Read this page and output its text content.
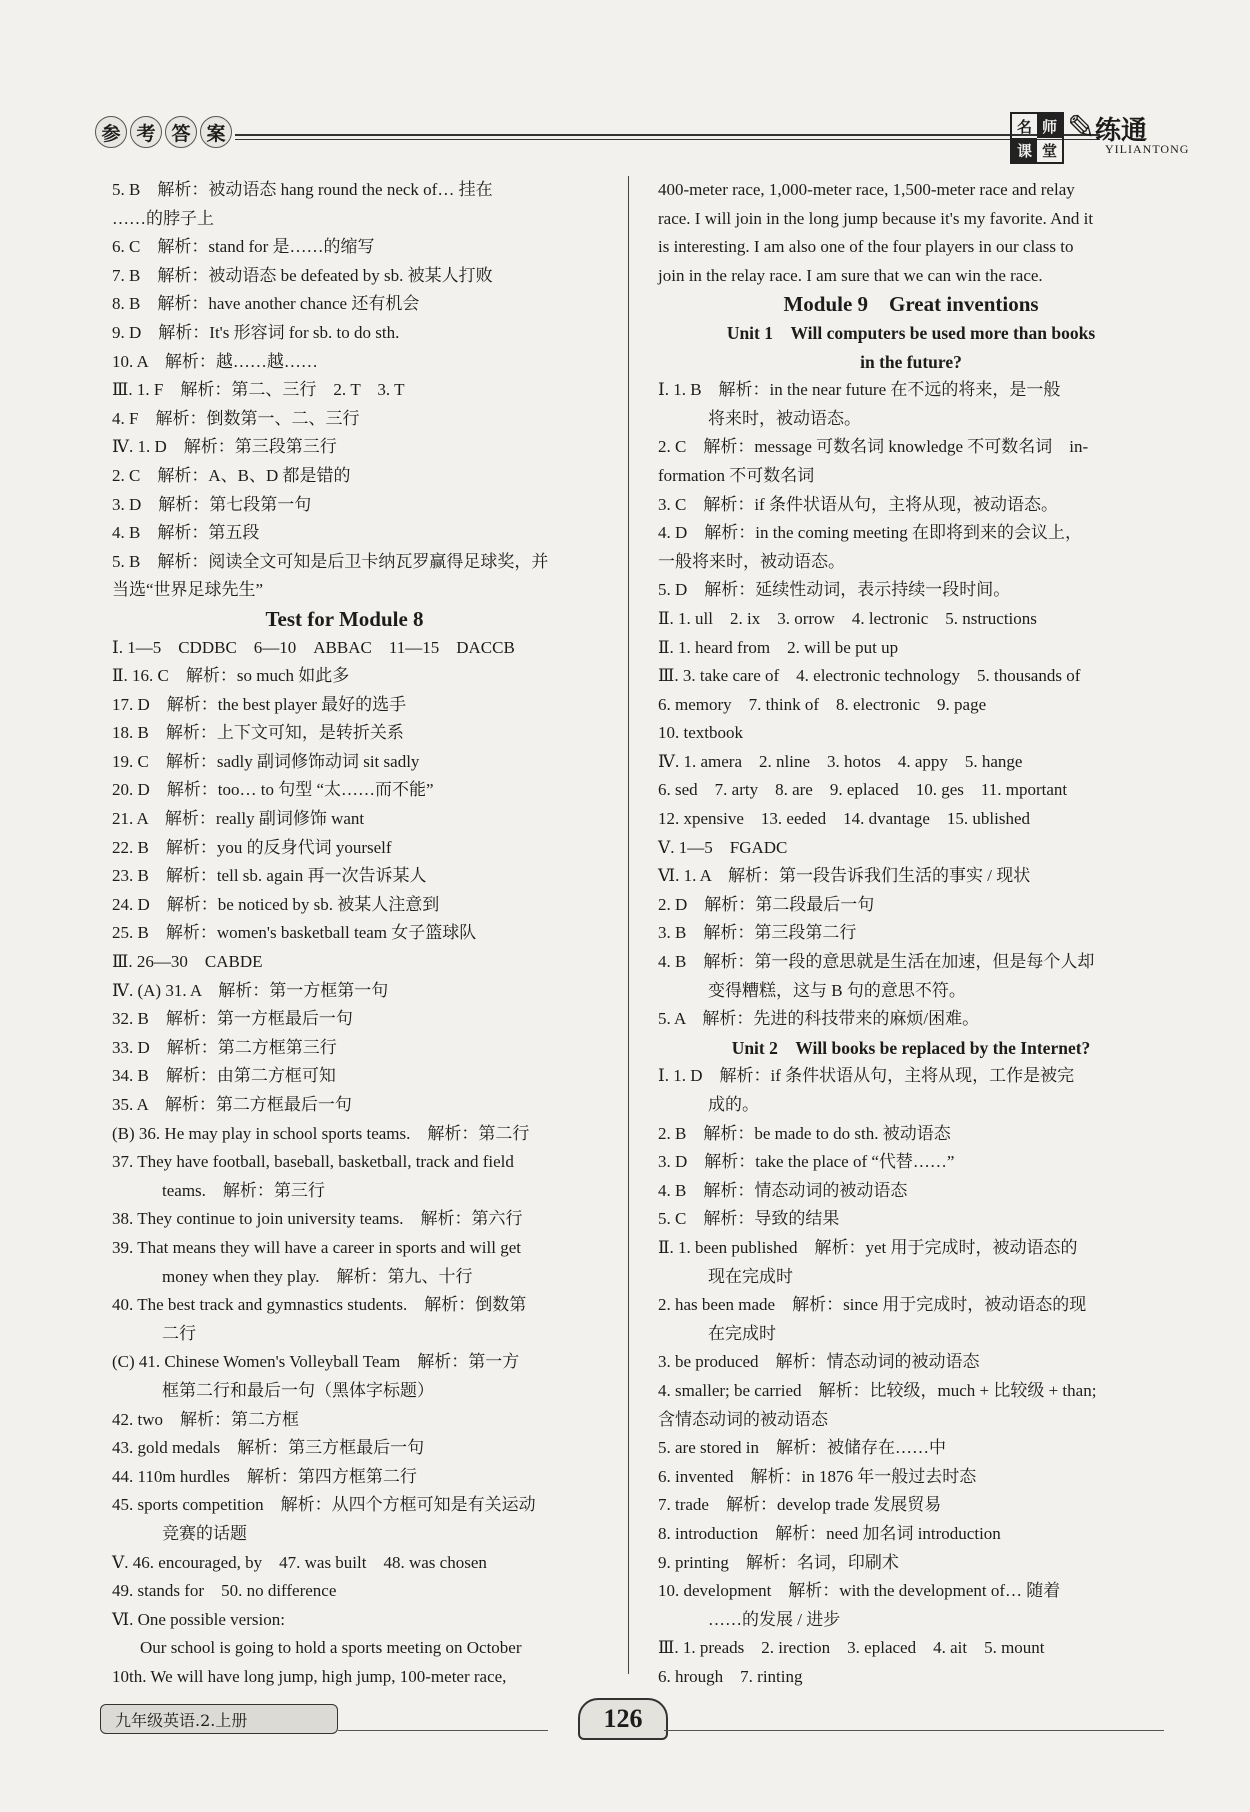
参 考 答 案	名 师
课 堂
✎ 练通
YILIANTONG

5. B　解析：被动语态 hang round the neck of… 挂在

……的脖子上

6. C　解析：stand for 是……的缩写

7. B　解析：被动语态 be defeated by sb. 被某人打败

8. B　解析：have another chance 还有机会

9. D　解析：It's 形容词 for sb. to do sth.

10. A　解析：越……越……

Ⅲ. 1. F　解析：第二、三行　2. T　3. T

4. F　解析：倒数第一、二、三行

Ⅳ. 1. D　解析：第三段第三行

2. C　解析：A、B、D 都是错的

3. D　解析：第七段第一句

4. B　解析：第五段

5. B　解析：阅读全文可知是后卫卡纳瓦罗赢得足球奖，并

当选“世界足球先生”

Test for Module 8

Ⅰ. 1—5　CDDBC　6—10　ABBAC　11—15　DACCB

Ⅱ. 16. C　解析：so much 如此多

17. D　解析：the best player 最好的选手

18. B　解析：上下文可知，是转折关系

19. C　解析：sadly 副词修饰动词 sit sadly

20. D　解析：too… to 句型 “太……而不能”

21. A　解析：really 副词修饰 want

22. B　解析：you 的反身代词 yourself

23. B　解析：tell sb. again 再一次告诉某人

24. D　解析：be noticed by sb. 被某人注意到

25. B　解析：women's basketball team 女子篮球队

Ⅲ. 26—30　CABDE

Ⅳ. (A) 31. A　解析：第一方框第一句

32. B　解析：第一方框最后一句

33. D　解析：第二方框第三行

34. B　解析：由第二方框可知

35. A　解析：第二方框最后一句

(B) 36. He may play in school sports teams.　解析：第二行

37. They have football, baseball, basketball, track and field

teams.　解析：第三行

38. They continue to join university teams.　解析：第六行

39. That means they will have a career in sports and will get

money when they play.　解析：第九、十行

40. The best track and gymnastics students.　解析：倒数第

二行

(C) 41. Chinese Women's Volleyball Team　解析：第一方

框第二行和最后一句（黑体字标题）

42. two　解析：第二方框

43. gold medals　解析：第三方框最后一句

44. 110m hurdles　解析：第四方框第二行

45. sports competition　解析：从四个方框可知是有关运动

竞赛的话题

Ⅴ. 46. encouraged, by　47. was built　48. was chosen

49. stands for　50. no difference

Ⅵ. One possible version:

Our school is going to hold a sports meeting on October

10th. We will have long jump, high jump, 100-meter race,

400-meter race, 1,000-meter race, 1,500-meter race and relay

race. I will join in the long jump because it's my favorite. And it

is interesting. I am also one of the four players in our class to

join in the relay race. I am sure that we can win the race.

Module 9　Great inventions

Unit 1　Will computers be used more than books

in the future?

Ⅰ. 1. B　解析：in the near future 在不远的将来，是一般

将来时，被动语态。

2. C　解析：message 可数名词 knowledge 不可数名词　in-

formation 不可数名词

3. C　解析：if 条件状语从句，主将从现，被动语态。

4. D　解析：in the coming meeting 在即将到来的会议上，

一般将来时，被动语态。

5. D　解析：延续性动词，表示持续一段时间。

Ⅱ. 1. ull　2. ix　3. orrow　4. lectronic　5. nstructions

Ⅱ. 1. heard from　2. will be put up

Ⅲ. 3. take care of　4. electronic technology　5. thousands of

6. memory　7. think of　8. electronic　9. page

10. textbook

Ⅳ. 1. amera　2. nline　3. hotos　4. appy　5. hange

6. sed　7. arty　8. are　9. eplaced　10. ges　11. mportant

12. xpensive　13. eeded　14. dvantage　15. ublished

Ⅴ. 1—5　FGADC

Ⅵ. 1. A　解析：第一段告诉我们生活的事实 / 现状

2. D　解析：第二段最后一句

3. B　解析：第三段第二行

4. B　解析：第一段的意思就是生活在加速，但是每个人却

变得糟糕，这与 B 句的意思不符。

5. A　解析：先进的科技带来的麻烦/困难。

Unit 2　Will books be replaced by the Internet?

Ⅰ. 1. D　解析：if 条件状语从句，主将从现，工作是被完

成的。

2. B　解析：be made to do sth. 被动语态

3. D　解析：take the place of “代替……”

4. B　解析：情态动词的被动语态

5. C　解析：导致的结果

Ⅱ. 1. been published　解析：yet 用于完成时，被动语态的

现在完成时

2. has been made　解析：since 用于完成时，被动语态的现

在完成时

3. be produced　解析：情态动词的被动语态

4. smaller; be carried　解析：比较级，much + 比较级 + than;

含情态动词的被动语态

5. are stored in　解析：被储存在……中

6. invented　解析：in 1876 年一般过去时态

7. trade　解析：develop trade 发展贸易

8. introduction　解析：need 加名词 introduction

9. printing　解析：名词，印刷术

10. development　解析：with the development of… 随着

……的发展 / 进步

Ⅲ. 1. preads　2. irection　3. eplaced　4. ait　5. mount

6. hrough　7. rinting

九年级英语.2.上册	126
